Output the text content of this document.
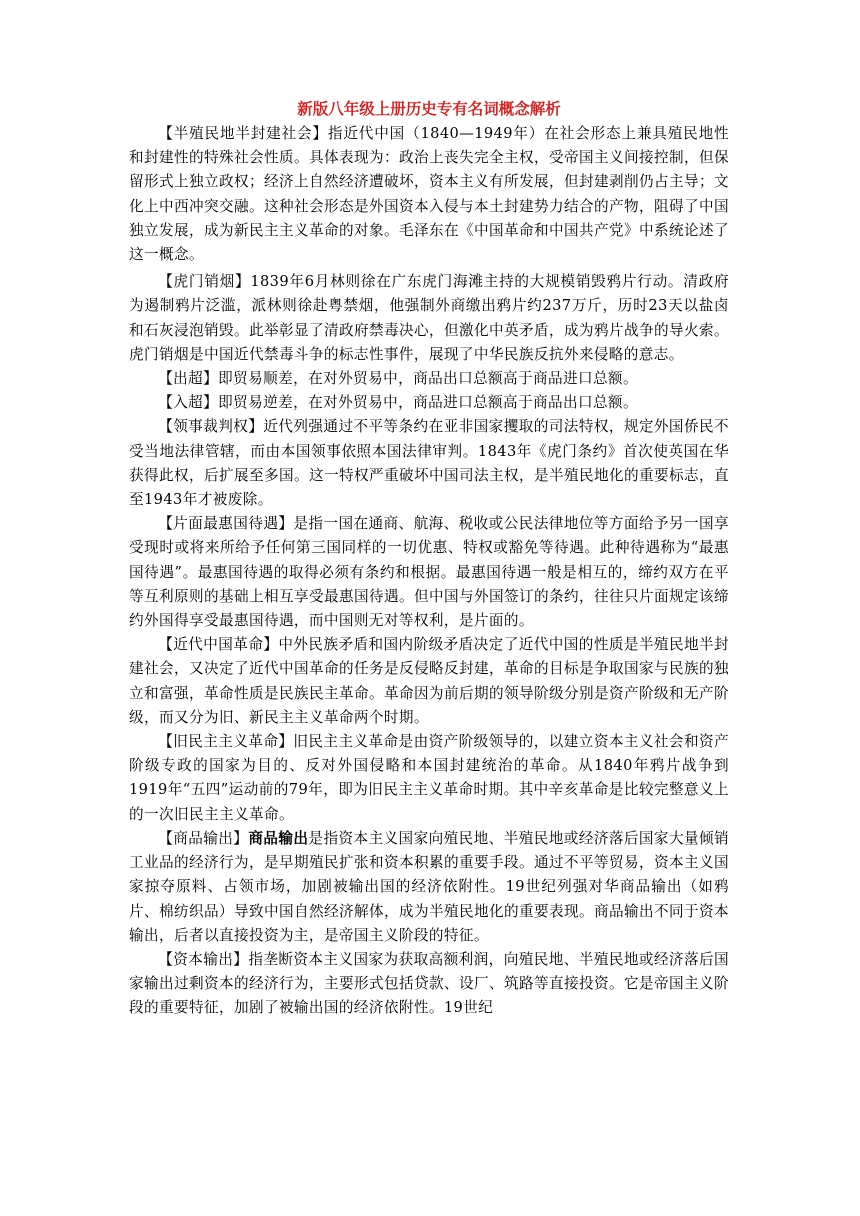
新版八年级上册历史专有名词概念解析

【半殖民地半封建社会】指近代中国（1840—1949年）在社会形态上兼具殖民地性和封建性的特殊社会性质。具体表现为：政治上丧失完全主权，受帝国主义间接控制，但保留形式上独立政权；经济上自然经济遭破坏，资本主义有所发展，但封建剥削仍占主导；文化上中西冲突交融。这种社会形态是外国资本入侵与本土封建势力结合的产物，阻碍了中国独立发展，成为新民主主义革命的对象。毛泽东在《中国革命和中国共产党》中系统论述了这一概念。

【虎门销烟】1839年6月林则徐在广东虎门海滩主持的大规模销毁鸦片行动。清政府为遏制鸦片泛滥，派林则徐赴粤禁烟，他强制外商缴出鸦片约237万斤，历时23天以盐卤和石灰浸泡销毁。此举彰显了清政府禁毒决心，但激化中英矛盾，成为鸦片战争的导火索。虎门销烟是中国近代禁毒斗争的标志性事件，展现了中华民族反抗外来侵略的意志。

【出超】即贸易顺差，在对外贸易中，商品出口总额高于商品进口总额。

【入超】即贸易逆差，在对外贸易中，商品进口总额高于商品出口总额。

【领事裁判权】近代列强通过不平等条约在亚非国家攫取的司法特权，规定外国侨民不受当地法律管辖，而由本国领事依照本国法律审判。1843年《虎门条约》首次使英国在华获得此权，后扩展至多国。这一特权严重破坏中国司法主权，是半殖民地化的重要标志，直至1943年才被废除。

【片面最惠国待遇】是指一国在通商、航海、税收或公民法律地位等方面给予另一国享受现时或将来所给予任何第三国同样的一切优惠、特权或豁免等待遇。此种待遇称为“最惠国待遇”。最惠国待遇的取得必须有条约和根据。最惠国待遇一般是相互的，缔约双方在平等互利原则的基础上相互享受最惠国待遇。但中国与外国签订的条约，往往只片面规定该缔约外国得享受最惠国待遇，而中国则无对等权利，是片面的。

【近代中国革命】中外民族矛盾和国内阶级矛盾决定了近代中国的性质是半殖民地半封建社会，又决定了近代中国革命的任务是反侵略反封建，革命的目标是争取国家与民族的独立和富强，革命性质是民族民主革命。革命因为前后期的领导阶级分别是资产阶级和无产阶级，而又分为旧、新民主主义革命两个时期。

【旧民主主义革命】旧民主主义革命是由资产阶级领导的，以建立资本主义社会和资产阶级专政的国家为目的、反对外国侵略和本国封建统治的革命。从1840年鸦片战争到1919年“五四”运动前的79年，即为旧民主主义革命时期。其中辛亥革命是比较完整意义上的一次旧民主主义革命。

【商品输出】商品输出是指资本主义国家向殖民地、半殖民地或经济落后国家大量倾销工业品的经济行为，是早期殖民扩张和资本积累的重要手段。通过不平等贸易，资本主义国家掠夺原料、占领市场，加剧被输出国的经济依附性。19世纪列强对华商品输出（如鸦片、棉纺织品）导致中国自然经济解体，成为半殖民地化的重要表现。商品输出不同于资本输出，后者以直接投资为主，是帝国主义阶段的特征。

【资本输出】指垄断资本主义国家为获取高额利润，向殖民地、半殖民地或经济落后国家输出过剩资本的经济行为，主要形式包括贷款、设厂、筑路等直接投资。它是帝国主义阶段的重要特征，加剧了被输出国的经济依附性。19世纪
